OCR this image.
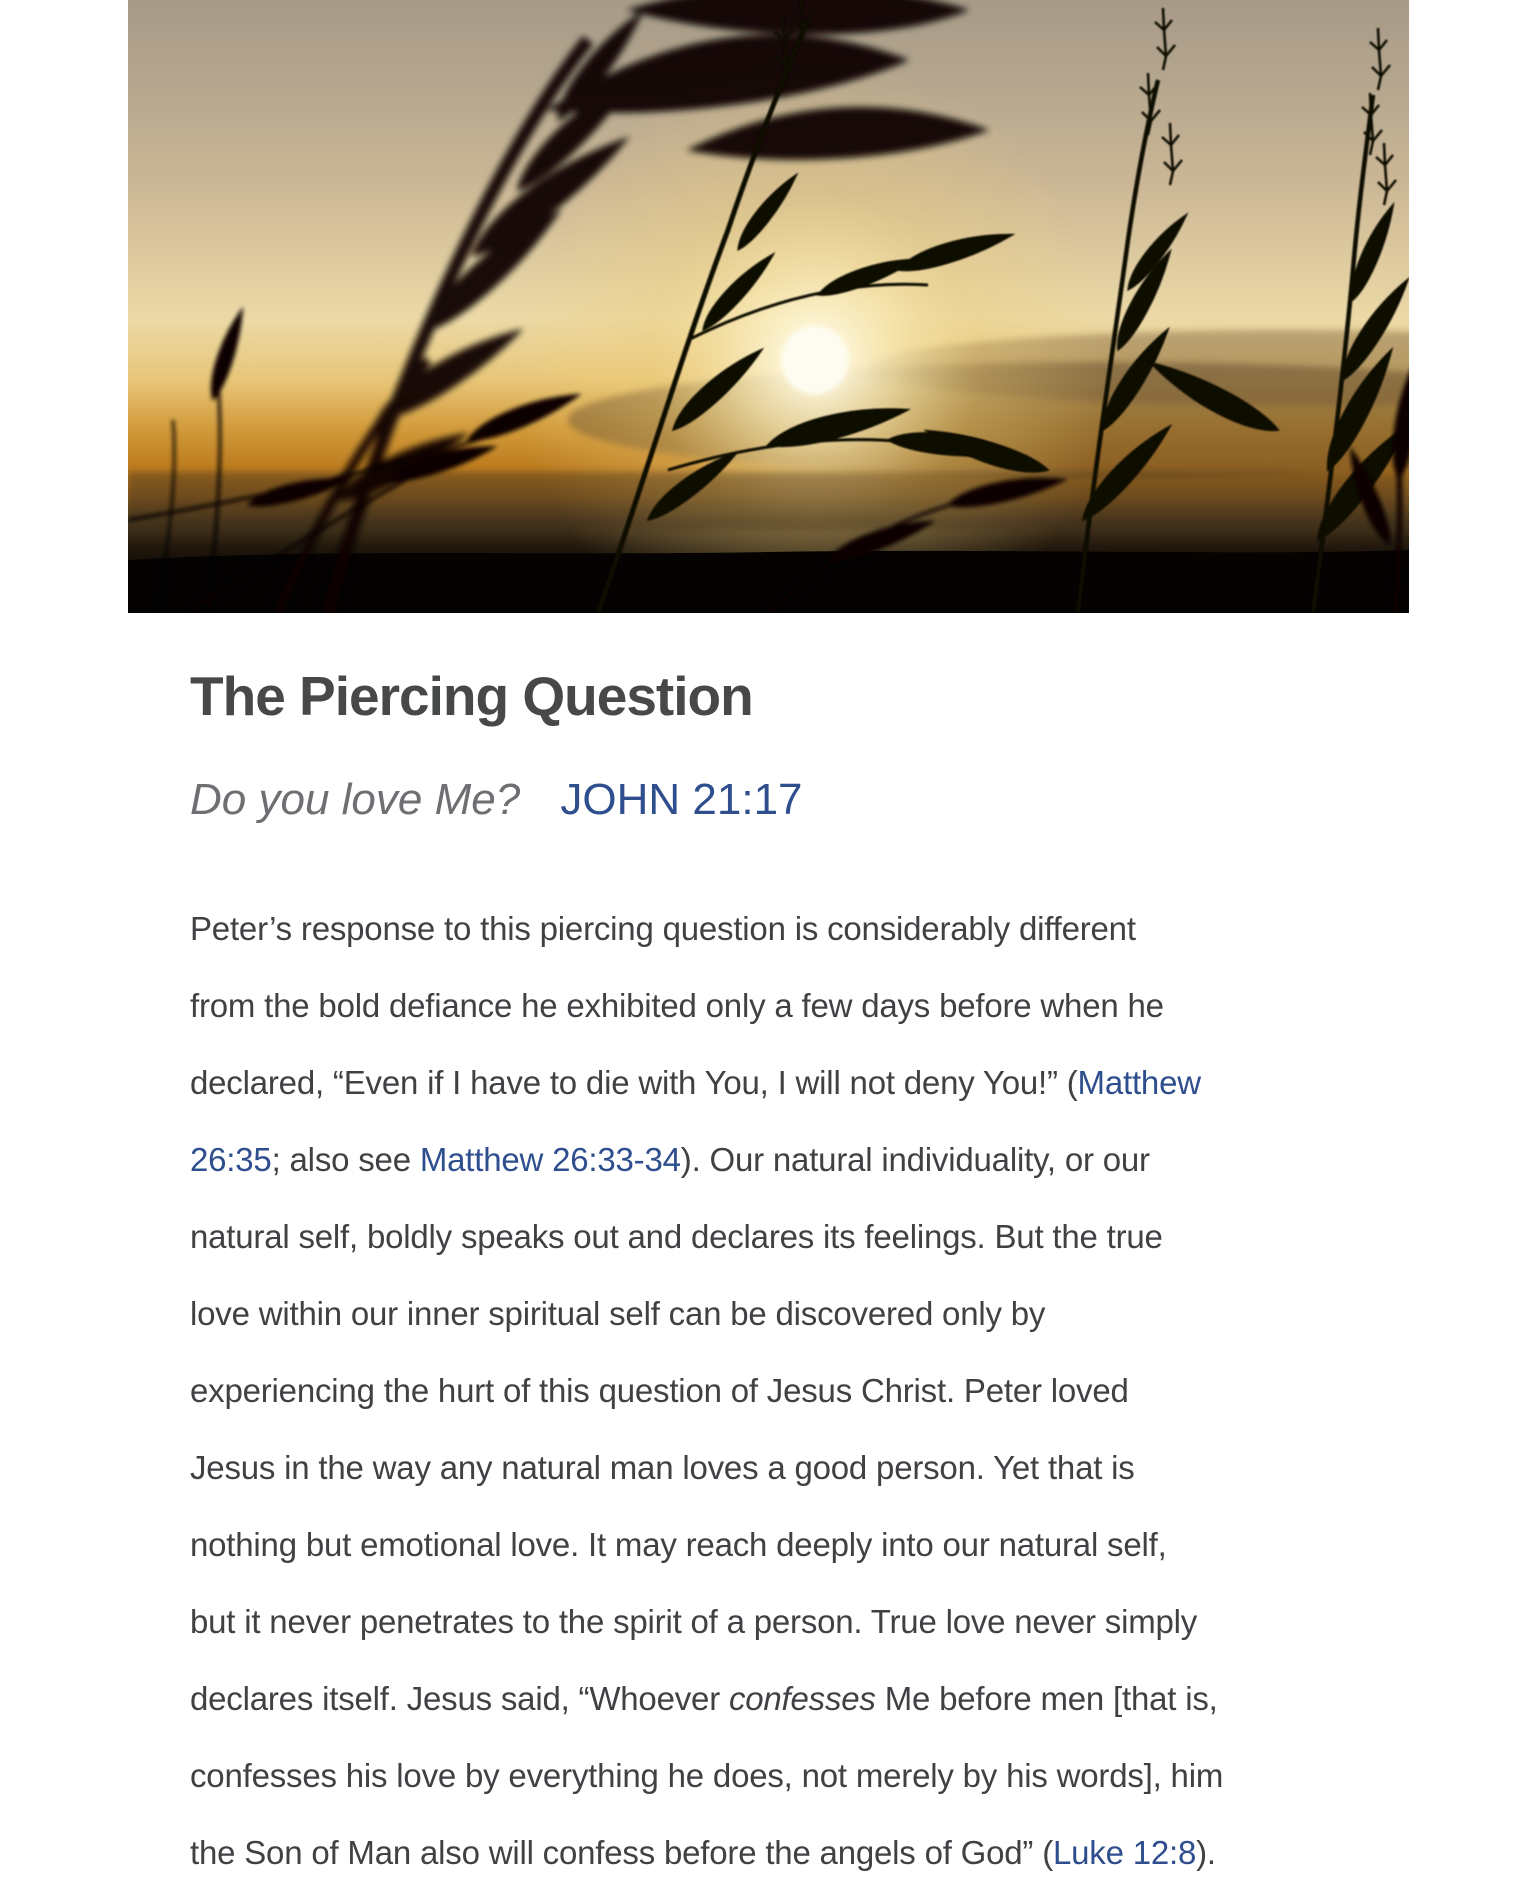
The Piercing Question

Do you love Me? JOHN 21:17

Peter’s response to this piercing question is considerably different
from the bold defiance he exhibited only a few days before when he
declared, “Even if I have to die with You, I will not deny You!” (Matthew
26:35; also see Matthew 26:33-34). Our natural individuality, or our
natural self, boldly speaks out and declares its feelings. But the true
love within our inner spiritual self can be discovered only by
experiencing the hurt of this question of Jesus Christ. Peter loved
Jesus in the way any natural man loves a good person. Yet that is
nothing but emotional love. It may reach deeply into our natural self,
but it never penetrates to the spirit of a person. True love never simply
declares itself. Jesus said, “Whoever confesses Me before men [that is,
confesses his love by everything he does, not merely by his words], him
the Son of Man also will confess before the angels of God” (Luke 12:8).
